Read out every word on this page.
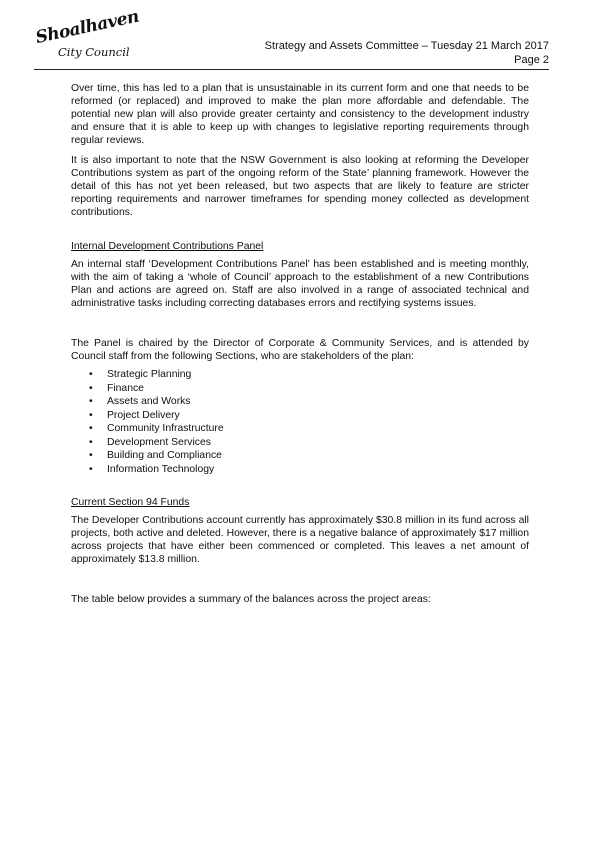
Shoalhaven
City Council	Strategy and Assets Committee – Tuesday 21 March 2017
Page 2

Over time, this has led to a plan that is unsustainable in its current form and one that needs to be reformed (or replaced) and improved to make the plan more affordable and defendable. The potential new plan will also provide greater certainty and consistency to the development industry and ensure that it is able to keep up with changes to legislative reporting requirements through regular reviews.

It is also important to note that the NSW Government is also looking at reforming the Developer Contributions system as part of the ongoing reform of the State’ planning framework. However the detail of this has not yet been released, but two aspects that are likely to feature are stricter reporting requirements and narrower timeframes for spending money collected as development contributions.

Internal Development Contributions Panel

An internal staff ‘Development Contributions Panel’ has been established and is meeting monthly, with the aim of taking a ‘whole of Council’ approach to the establishment of a new Contributions Plan and actions are agreed on. Staff are also involved in a range of associated technical and administrative tasks including correcting databases errors and rectifying systems issues.

The Panel is chaired by the Director of Corporate & Community Services, and is attended by Council staff from the following Sections, who are stakeholders of the plan:

• Strategic Planning
• Finance
• Assets and Works
• Project Delivery
• Community Infrastructure
• Development Services
• Building and Compliance
• Information Technology
Current Section 94 Funds

The Developer Contributions account currently has approximately $30.8 million in its fund across all projects, both active and deleted. However, there is a negative balance of approximately $17 million across projects that have either been commenced or completed. This leaves a net amount of approximately $13.8 million.

The table below provides a summary of the balances across the project areas:
